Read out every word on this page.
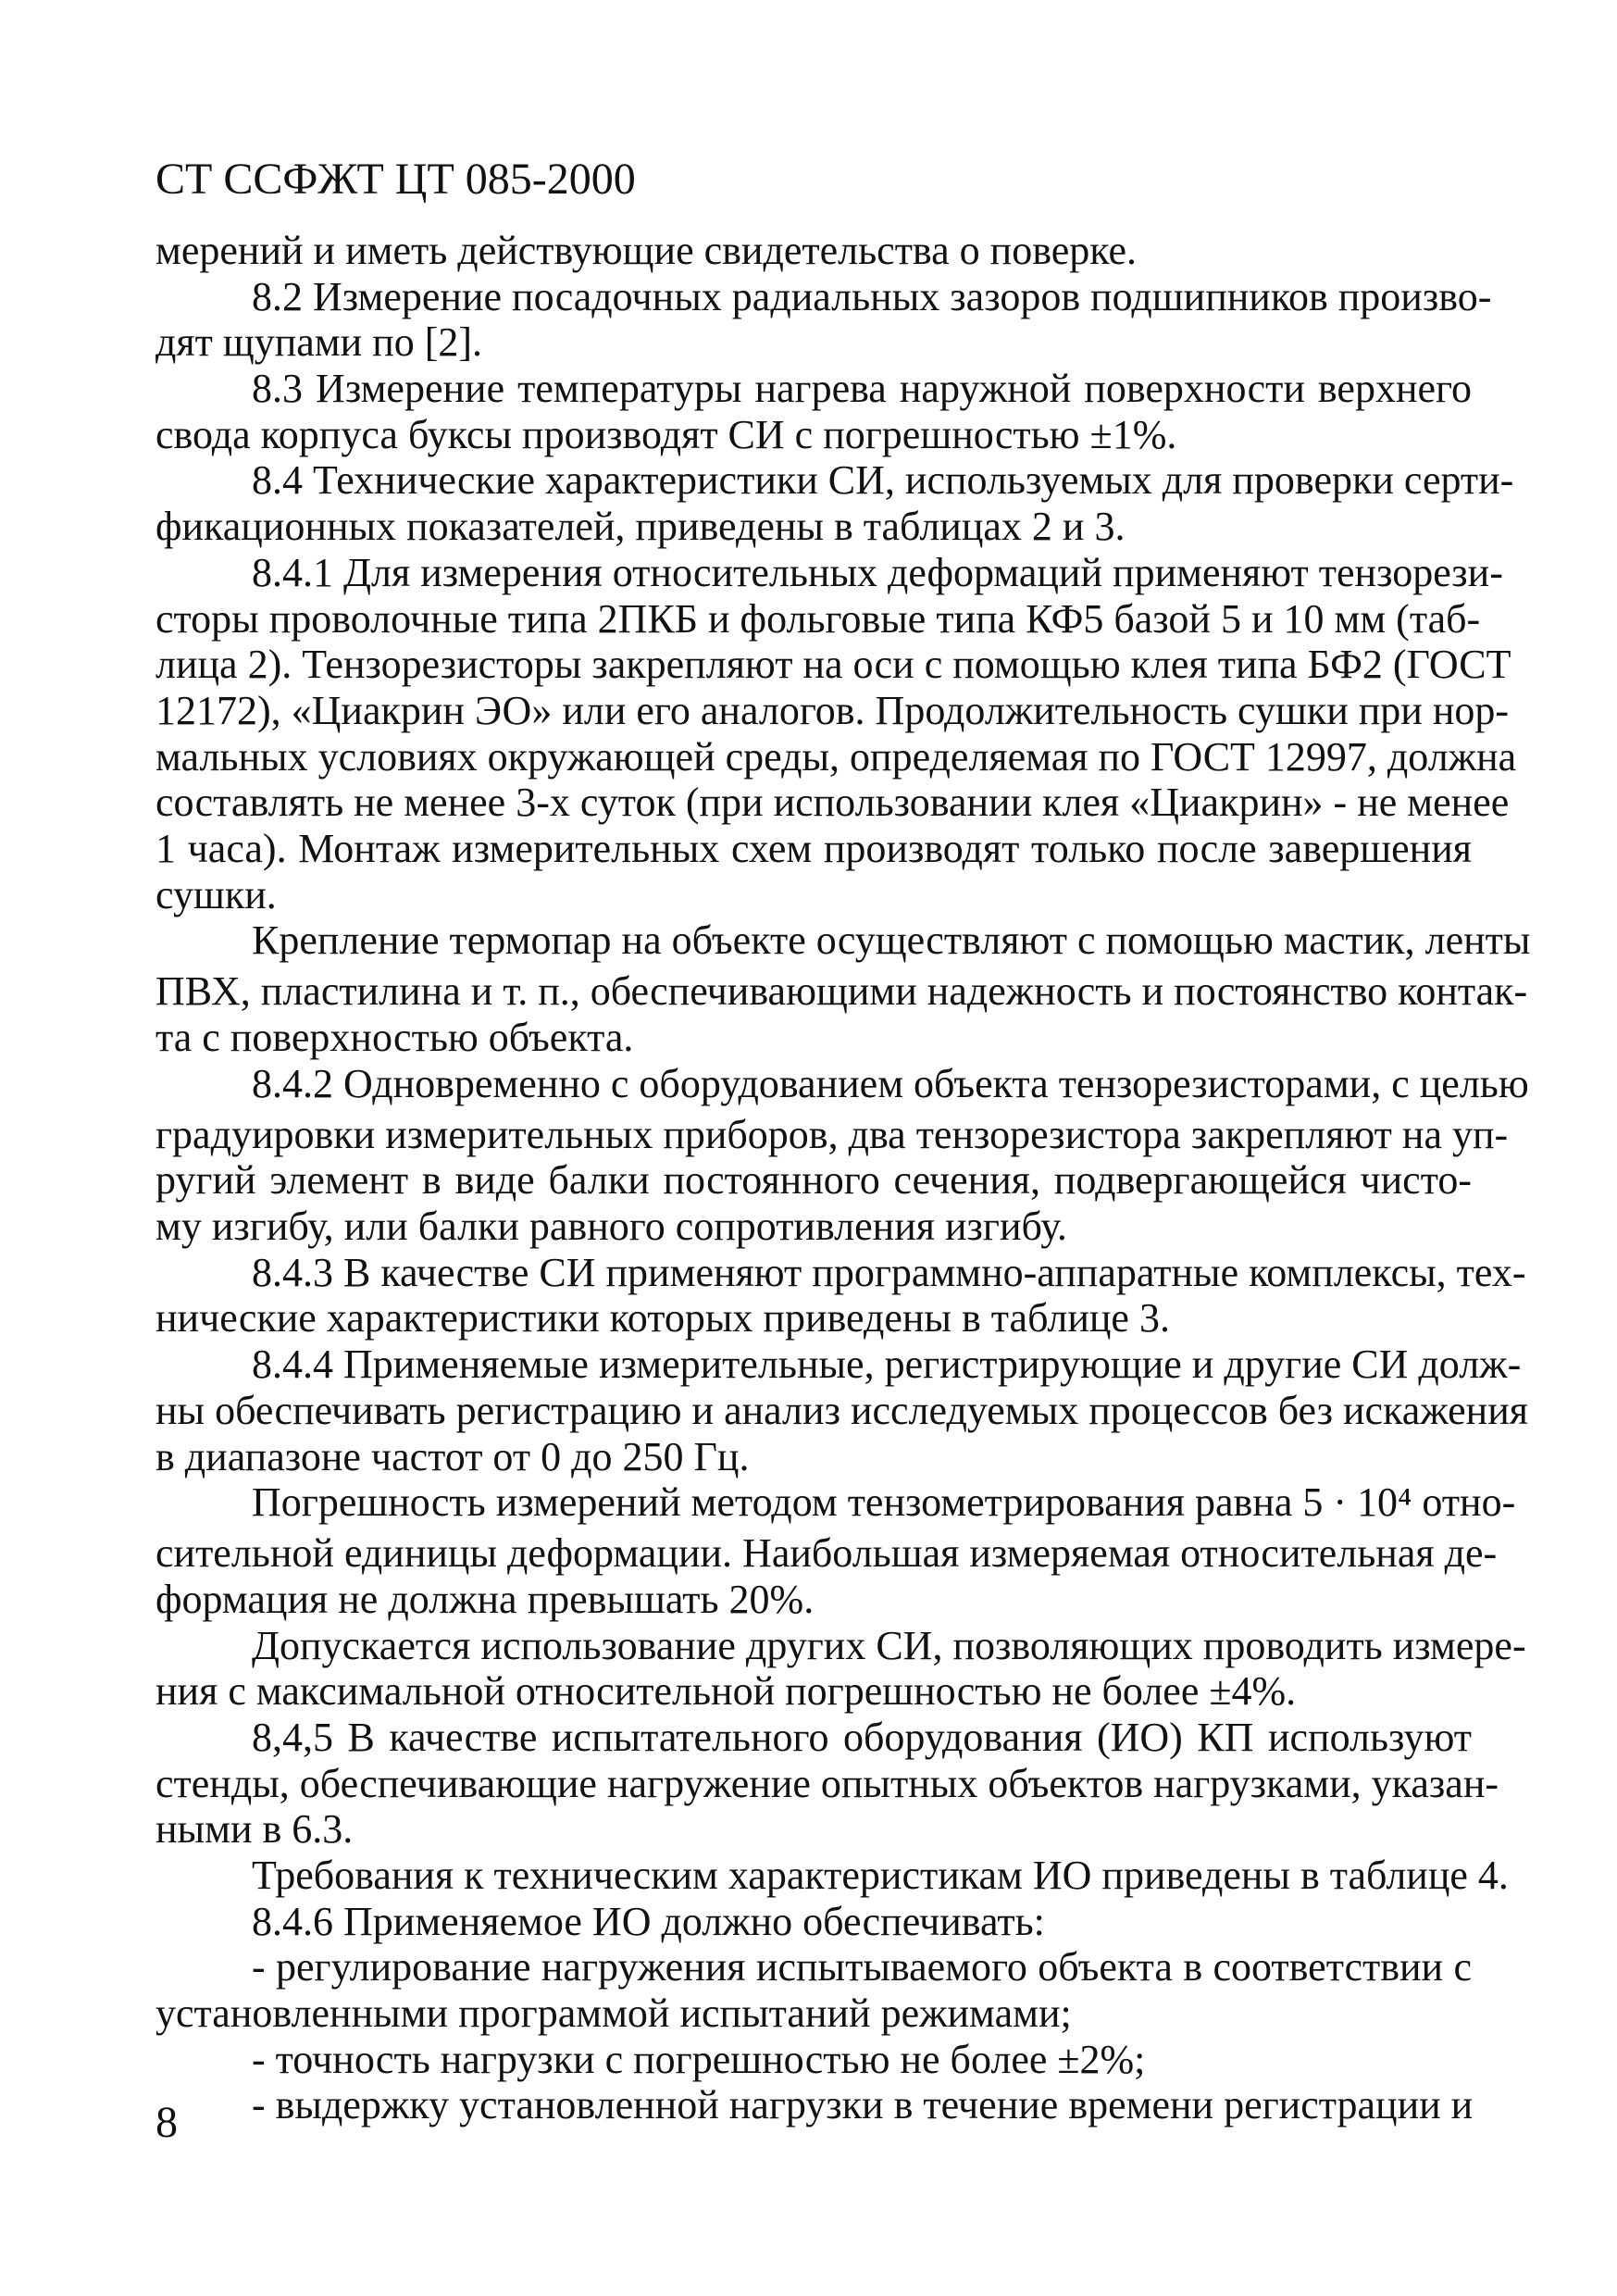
СТ ССФЖТ ЦТ 085-2000
мерений и иметь действующие свидетельства о поверке.
8.2 Измерение посадочных радиальных зазоров подшипников произво-
дят щупами по [2].
8.3 Измерение температуры нагрева наружной поверхности верхнего
свода корпуса буксы производят СИ с погрешностью ±1%.
8.4 Технические характеристики СИ, используемых для проверки серти-
фикационных показателей, приведены в таблицах 2 и 3.
8.4.1 Для измерения относительных деформаций применяют тензорези-
сторы проволочные типа 2ПКБ и фольговые типа КФ5 базой 5 и 10 мм (таб-
лица 2). Тензорезисторы закрепляют на оси с помощью клея типа БФ2 (ГОСТ
12172), «Циакрин ЭО» или его аналогов. Продолжительность сушки при нор-
мальных условиях окружающей среды, определяемая по ГОСТ 12997, должна
составлять не менее 3-х суток (при использовании клея «Циакрин» - не менее
1 часа). Монтаж измерительных схем производят только после завершения
сушки.
Крепление термопар на объекте осуществляют с помощью мастик, ленты
ПВХ, пластилина и т. п., обеспечивающими надежность и постоянство контак-
та с поверхностью объекта.
8.4.2 Одновременно с оборудованием объекта тензорезисторами, с целью
градуировки измерительных приборов, два тензорезистора закрепляют на уп-
ругий элемент в виде балки постоянного сечения, подвергающейся чисто-
му изгибу, или балки равного сопротивления изгибу.
8.4.3 В качестве СИ применяют программно-аппаратные комплексы, тех-
нические характеристики которых приведены в таблице 3.
8.4.4 Применяемые измерительные, регистрирующие и другие СИ долж-
ны обеспечивать регистрацию и анализ исследуемых процессов без искажения
в диапазоне частот от 0 до 250 Гц.
Погрешность измерений методом тензометрирования равна 5 · 10⁴ отно-
сительной единицы деформации. Наибольшая измеряемая относительная де-
формация не должна превышать 20%.
Допускается использование других СИ, позволяющих проводить измере-
ния с максимальной относительной погрешностью не более ±4%.
8,4,5 В качестве испытательного оборудования (ИО) КП используют
стенды, обеспечивающие нагружение опытных объектов нагрузками, указан-
ными в 6.3.
Требования к техническим характеристикам ИО приведены в таблице 4.
8.4.6 Применяемое ИО должно обеспечивать:
- регулирование нагружения испытываемого объекта в соответствии с
установленными программой испытаний режимами;
- точность нагрузки с погрешностью не более ±2%;
- выдержку установленной нагрузки в течение времени регистрации и
8
